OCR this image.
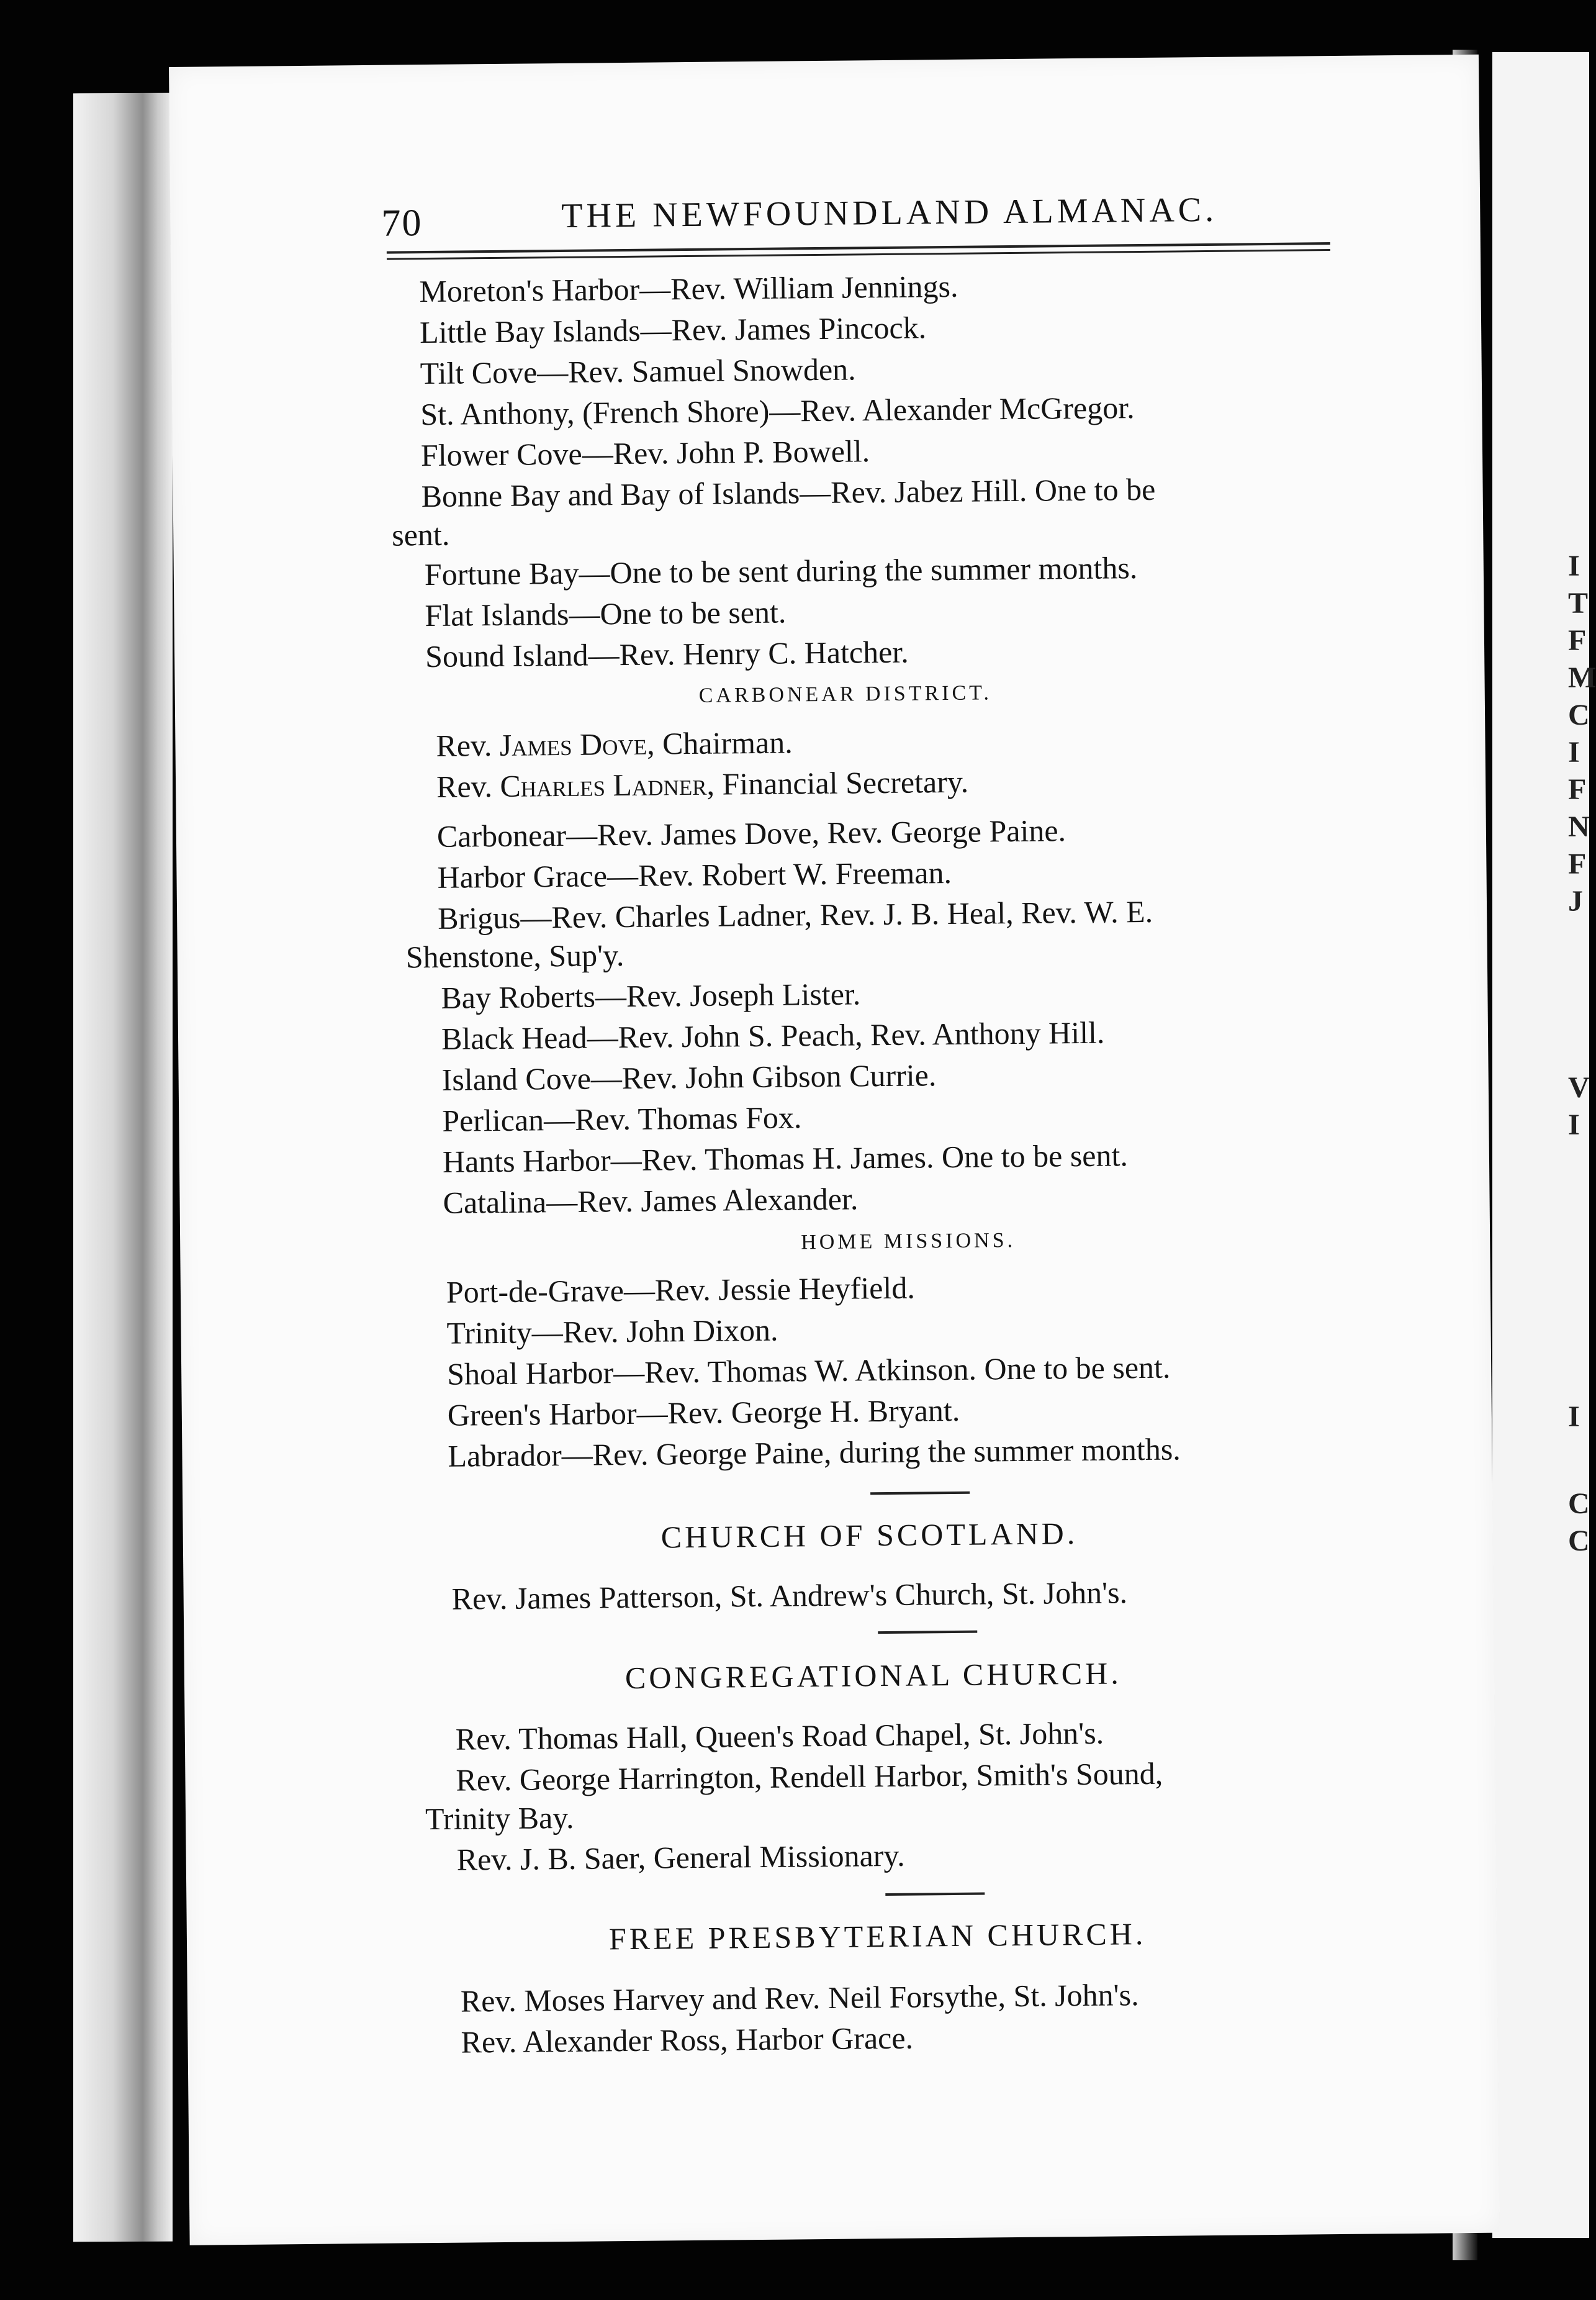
I
T
F
M
C
I
F
N
F
J
V
I
I
C
C
70	THE NEWFOUNDLAND ALMANAC.
Moreton's Harbor—Rev. William Jennings.
Little Bay Islands—Rev. James Pincock.
Tilt Cove—Rev. Samuel Snowden.
St. Anthony, (French Shore)—Rev. Alexander McGregor.
Flower Cove—Rev. John P. Bowell.
Bonne Bay and Bay of Islands—Rev. Jabez Hill. One to be
sent.
Fortune Bay—One to be sent during the summer months.
Flat Islands—One to be sent.
Sound Island—Rev. Henry C. Hatcher.
CARBONEAR DISTRICT.
Rev. James Dove, Chairman.
Rev. Charles Ladner, Financial Secretary.
Carbonear—Rev. James Dove, Rev. George Paine.
Harbor Grace—Rev. Robert W. Freeman.
Brigus—Rev. Charles Ladner, Rev. J. B. Heal, Rev. W. E.
Shenstone, Sup'y.
Bay Roberts—Rev. Joseph Lister.
Black Head—Rev. John S. Peach, Rev. Anthony Hill.
Island Cove—Rev. John Gibson Currie.
Perlican—Rev. Thomas Fox.
Hants Harbor—Rev. Thomas H. James. One to be sent.
Catalina—Rev. James Alexander.
HOME MISSIONS.
Port-de-Grave—Rev. Jessie Heyfield.
Trinity—Rev. John Dixon.
Shoal Harbor—Rev. Thomas W. Atkinson. One to be sent.
Green's Harbor—Rev. George H. Bryant.
Labrador—Rev. George Paine, during the summer months.
CHURCH OF SCOTLAND.
Rev. James Patterson, St. Andrew's Church, St. John's.
CONGREGATIONAL CHURCH.
Rev. Thomas Hall, Queen's Road Chapel, St. John's.
Rev. George Harrington, Rendell Harbor, Smith's Sound,
Trinity Bay.
Rev. J. B. Saer, General Missionary.
FREE PRESBYTERIAN CHURCH.
Rev. Moses Harvey and Rev. Neil Forsythe, St. John's.
Rev. Alexander Ross, Harbor Grace.
